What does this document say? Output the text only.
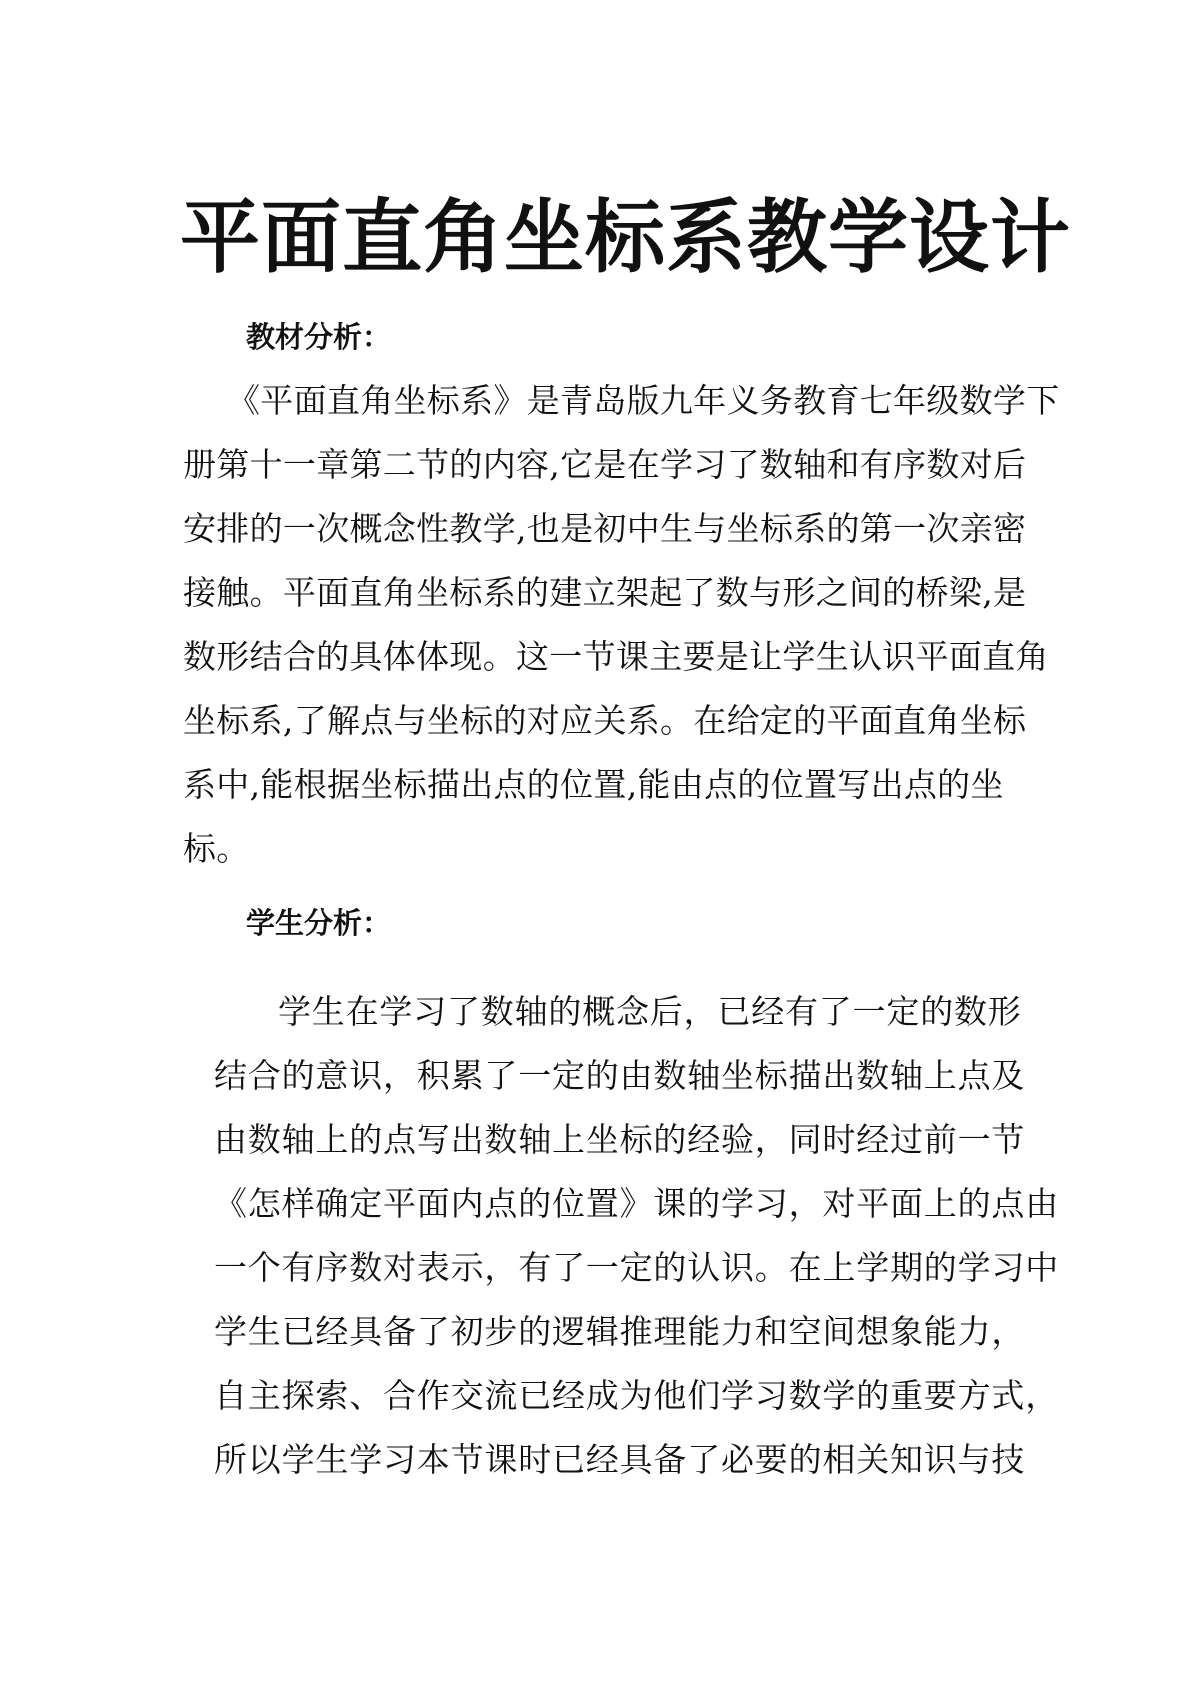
平面直角坐标系教学设计
教材分析：

《平面直角坐标系》是青岛版九年义务教育七年级数学下
册第十一章第二节的内容,它是在学习了数轴和有序数对后
安排的一次概念性教学,也是初中生与坐标系的第一次亲密
接触。平面直角坐标系的建立架起了数与形之间的桥梁,是
数形结合的具体体现。这一节课主要是让学生认识平面直角
坐标系,了解点与坐标的对应关系。在给定的平面直角坐标
系中,能根据坐标描出点的位置,能由点的位置写出点的坐
标。

学生分析：

学生在学习了数轴的概念后，已经有了一定的数形
结合的意识，积累了一定的由数轴坐标描出数轴上点及
由数轴上的点写出数轴上坐标的经验，同时经过前一节
《怎样确定平面内点的位置》课的学习，对平面上的点由
一个有序数对表示，有了一定的认识。在上学期的学习中
学生已经具备了初步的逻辑推理能力和空间想象能力，
自主探索、合作交流已经成为他们学习数学的重要方式，
所以学生学习本节课时已经具备了必要的相关知识与技
